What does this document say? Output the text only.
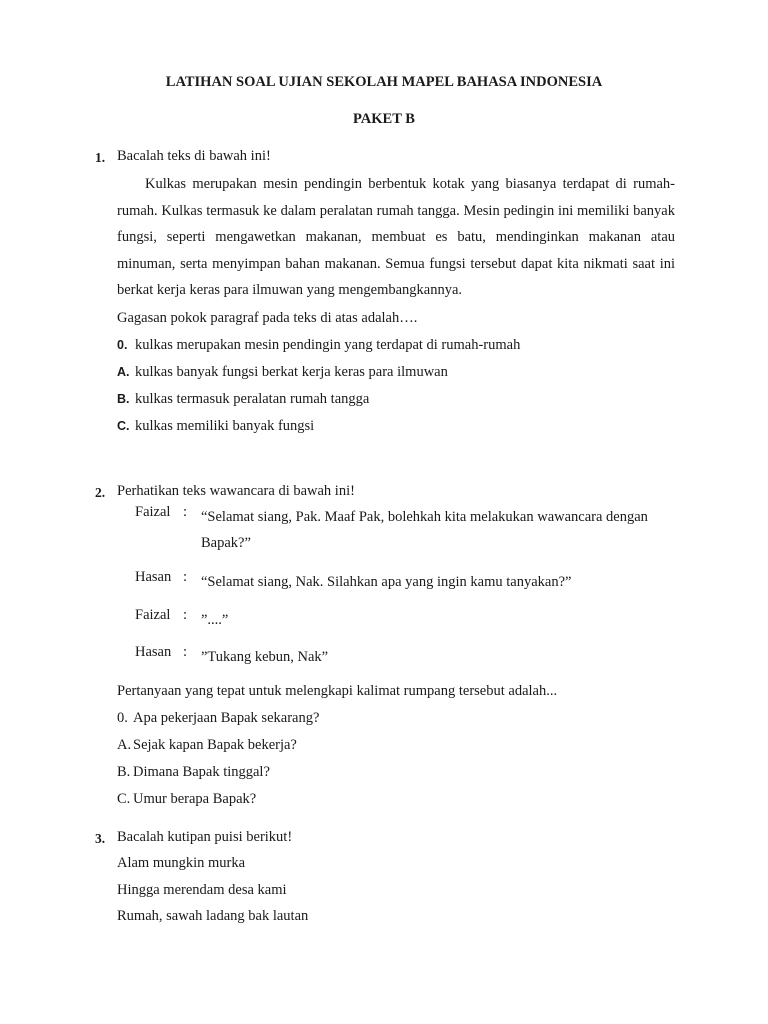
LATIHAN SOAL UJIAN SEKOLAH MAPEL BAHASA INDONESIA
PAKET B
1. Bacalah teks di bawah ini!
Kulkas merupakan mesin pendingin berbentuk kotak yang biasanya terdapat di rumah-rumah. Kulkas termasuk ke dalam peralatan rumah tangga. Mesin pedingin ini memiliki banyak fungsi, seperti mengawetkan makanan, membuat es batu, mendinginkan makanan atau minuman, serta menyimpan bahan makanan. Semua fungsi tersebut dapat kita nikmati saat ini berkat kerja keras para ilmuwan yang mengembangkannya.
Gagasan pokok paragraf pada teks di atas adalah….
0. kulkas merupakan mesin pendingin yang terdapat di rumah-rumah
A. kulkas banyak fungsi berkat kerja keras para ilmuwan
B. kulkas termasuk peralatan rumah tangga
C. kulkas memiliki banyak fungsi
2. Perhatikan teks wawancara di bawah ini!
Faizal : “Selamat siang, Pak. Maaf Pak, bolehkah kita melakukan wawancara dengan Bapak?”
Hasan : “Selamat siang, Nak. Silahkan apa yang ingin kamu tanyakan?”
Faizal : ”....”
Hasan : ”Tukang kebun, Nak”
Pertanyaan yang tepat untuk melengkapi kalimat rumpang tersebut adalah...
0. Apa pekerjaan Bapak sekarang?
A. Sejak kapan Bapak bekerja?
B. Dimana Bapak tinggal?
C. Umur berapa Bapak?
3. Bacalah kutipan puisi berikut!
Alam mungkin murka
Hingga merendam desa kami
Rumah, sawah ladang bak lautan
